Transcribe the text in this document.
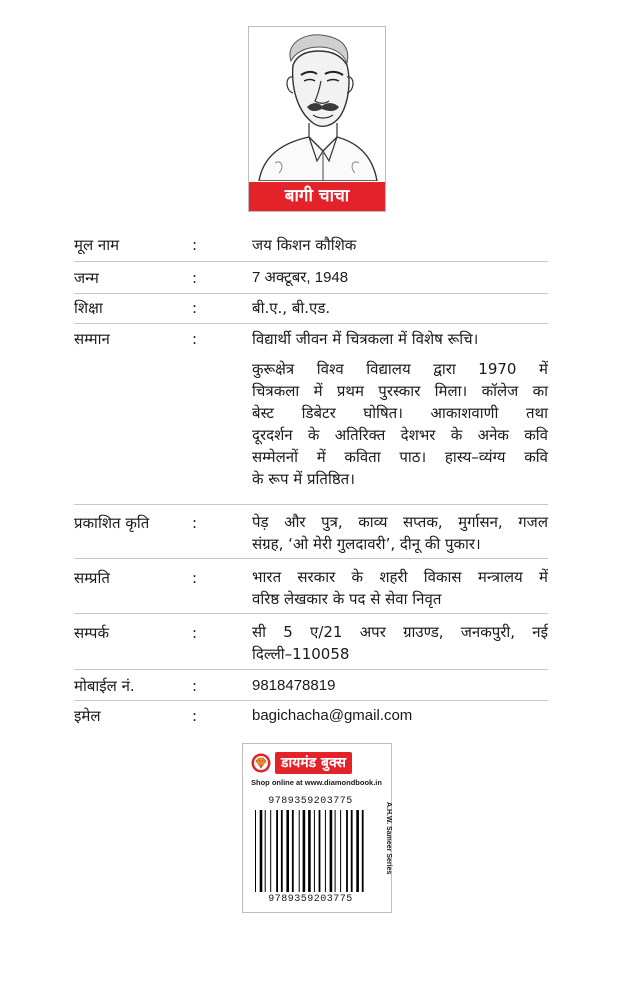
बागी चाचा
मूल नाम	:	जय किशन कौशिक
जन्म	:	7 अक्टूबर, 1948
शिक्षा	:	बी.ए., बी.एड.
सम्मान	:	विद्यार्थी जीवन में चित्रकला में विशेष रूचि।
कुरूक्षेत्र विश्व विद्यालय द्वारा 1970 में
चित्रकला में प्रथम पुरस्कार मिला। कॉलेज का
बेस्ट डिबेटर घोषित। आकाशवाणी तथा
दूरदर्शन के अतिरिक्त देशभर के अनेक कवि
सम्मेलनों में कविता पाठ। हास्य–व्यंग्य कवि
के रूप में प्रतिष्ठित।
प्रकाशित कृति	:	पेड़ और पुत्र, काव्य सप्तक, मुर्गासन, गजल
संग्रह, ‘ओ मेरी गुलदावरी’, दीनू की पुकार।
सम्प्रति	:	भारत सरकार के शहरी विकास मन्त्रालय में
वरिष्ठ लेखकार के पद से सेवा निवृत
सम्पर्क	:	सी 5 ए/21 अपर ग्राउण्ड, जनकपुरी, नई
दिल्ली–110058
मोबाईल नं.	:	9818478819
इमेल	:	bagichacha@gmail.com
डायमंड बुक्स
Shop online at www.diamondbook.in
9789359203775
9789359203775
A.H.W. Sameer Series
